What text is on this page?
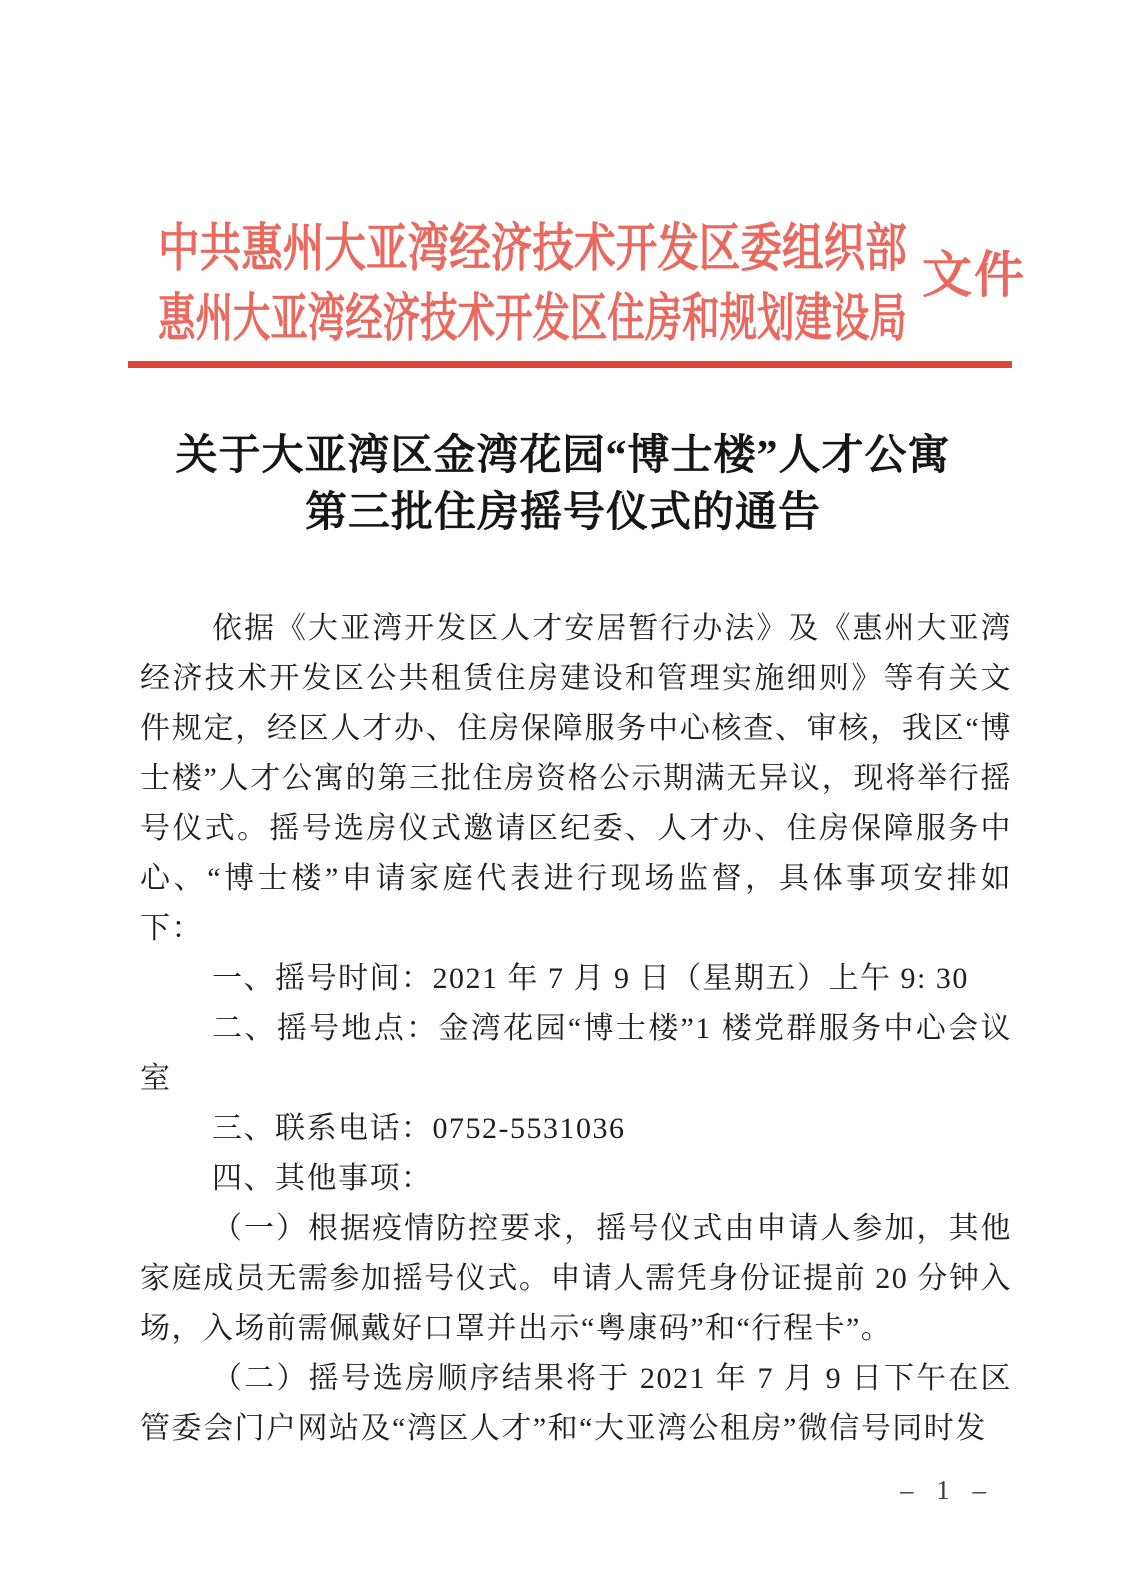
中共惠州大亚湾经济技术开发区委组织部
惠州大亚湾经济技术开发区住房和规划建设局
文件
关于大亚湾区金湾花园“博士楼”人才公寓
第三批住房摇号仪式的通告

依据《大亚湾开发区人才安居暂行办法》及《惠州大亚湾经济技术开发区公共租赁住房建设和管理实施细则》等有关文件规定，经区人才办、住房保障服务中心核查、审核，我区“博士楼”人才公寓的第三批住房资格公示期满无异议，现将举行摇号仪式。摇号选房仪式邀请区纪委、人才办、住房保障服务中心、“博士楼”申请家庭代表进行现场监督，具体事项安排如下：

一、摇号时间：2021 年 7 月 9 日（星期五）上午 9: 30

二、摇号地点：金湾花园“博士楼”1 楼党群服务中心会议室

三、联系电话：0752-5531036

四、其他事项：

（一）根据疫情防控要求，摇号仪式由申请人参加，其他家庭成员无需参加摇号仪式。申请人需凭身份证提前 20 分钟入场，入场前需佩戴好口罩并出示“粤康码”和“行程卡”。

（二）摇号选房顺序结果将于 2021 年 7 月 9 日下午在区管委会门户网站及“湾区人才”和“大亚湾公租房”微信号同时发

– 1 –
